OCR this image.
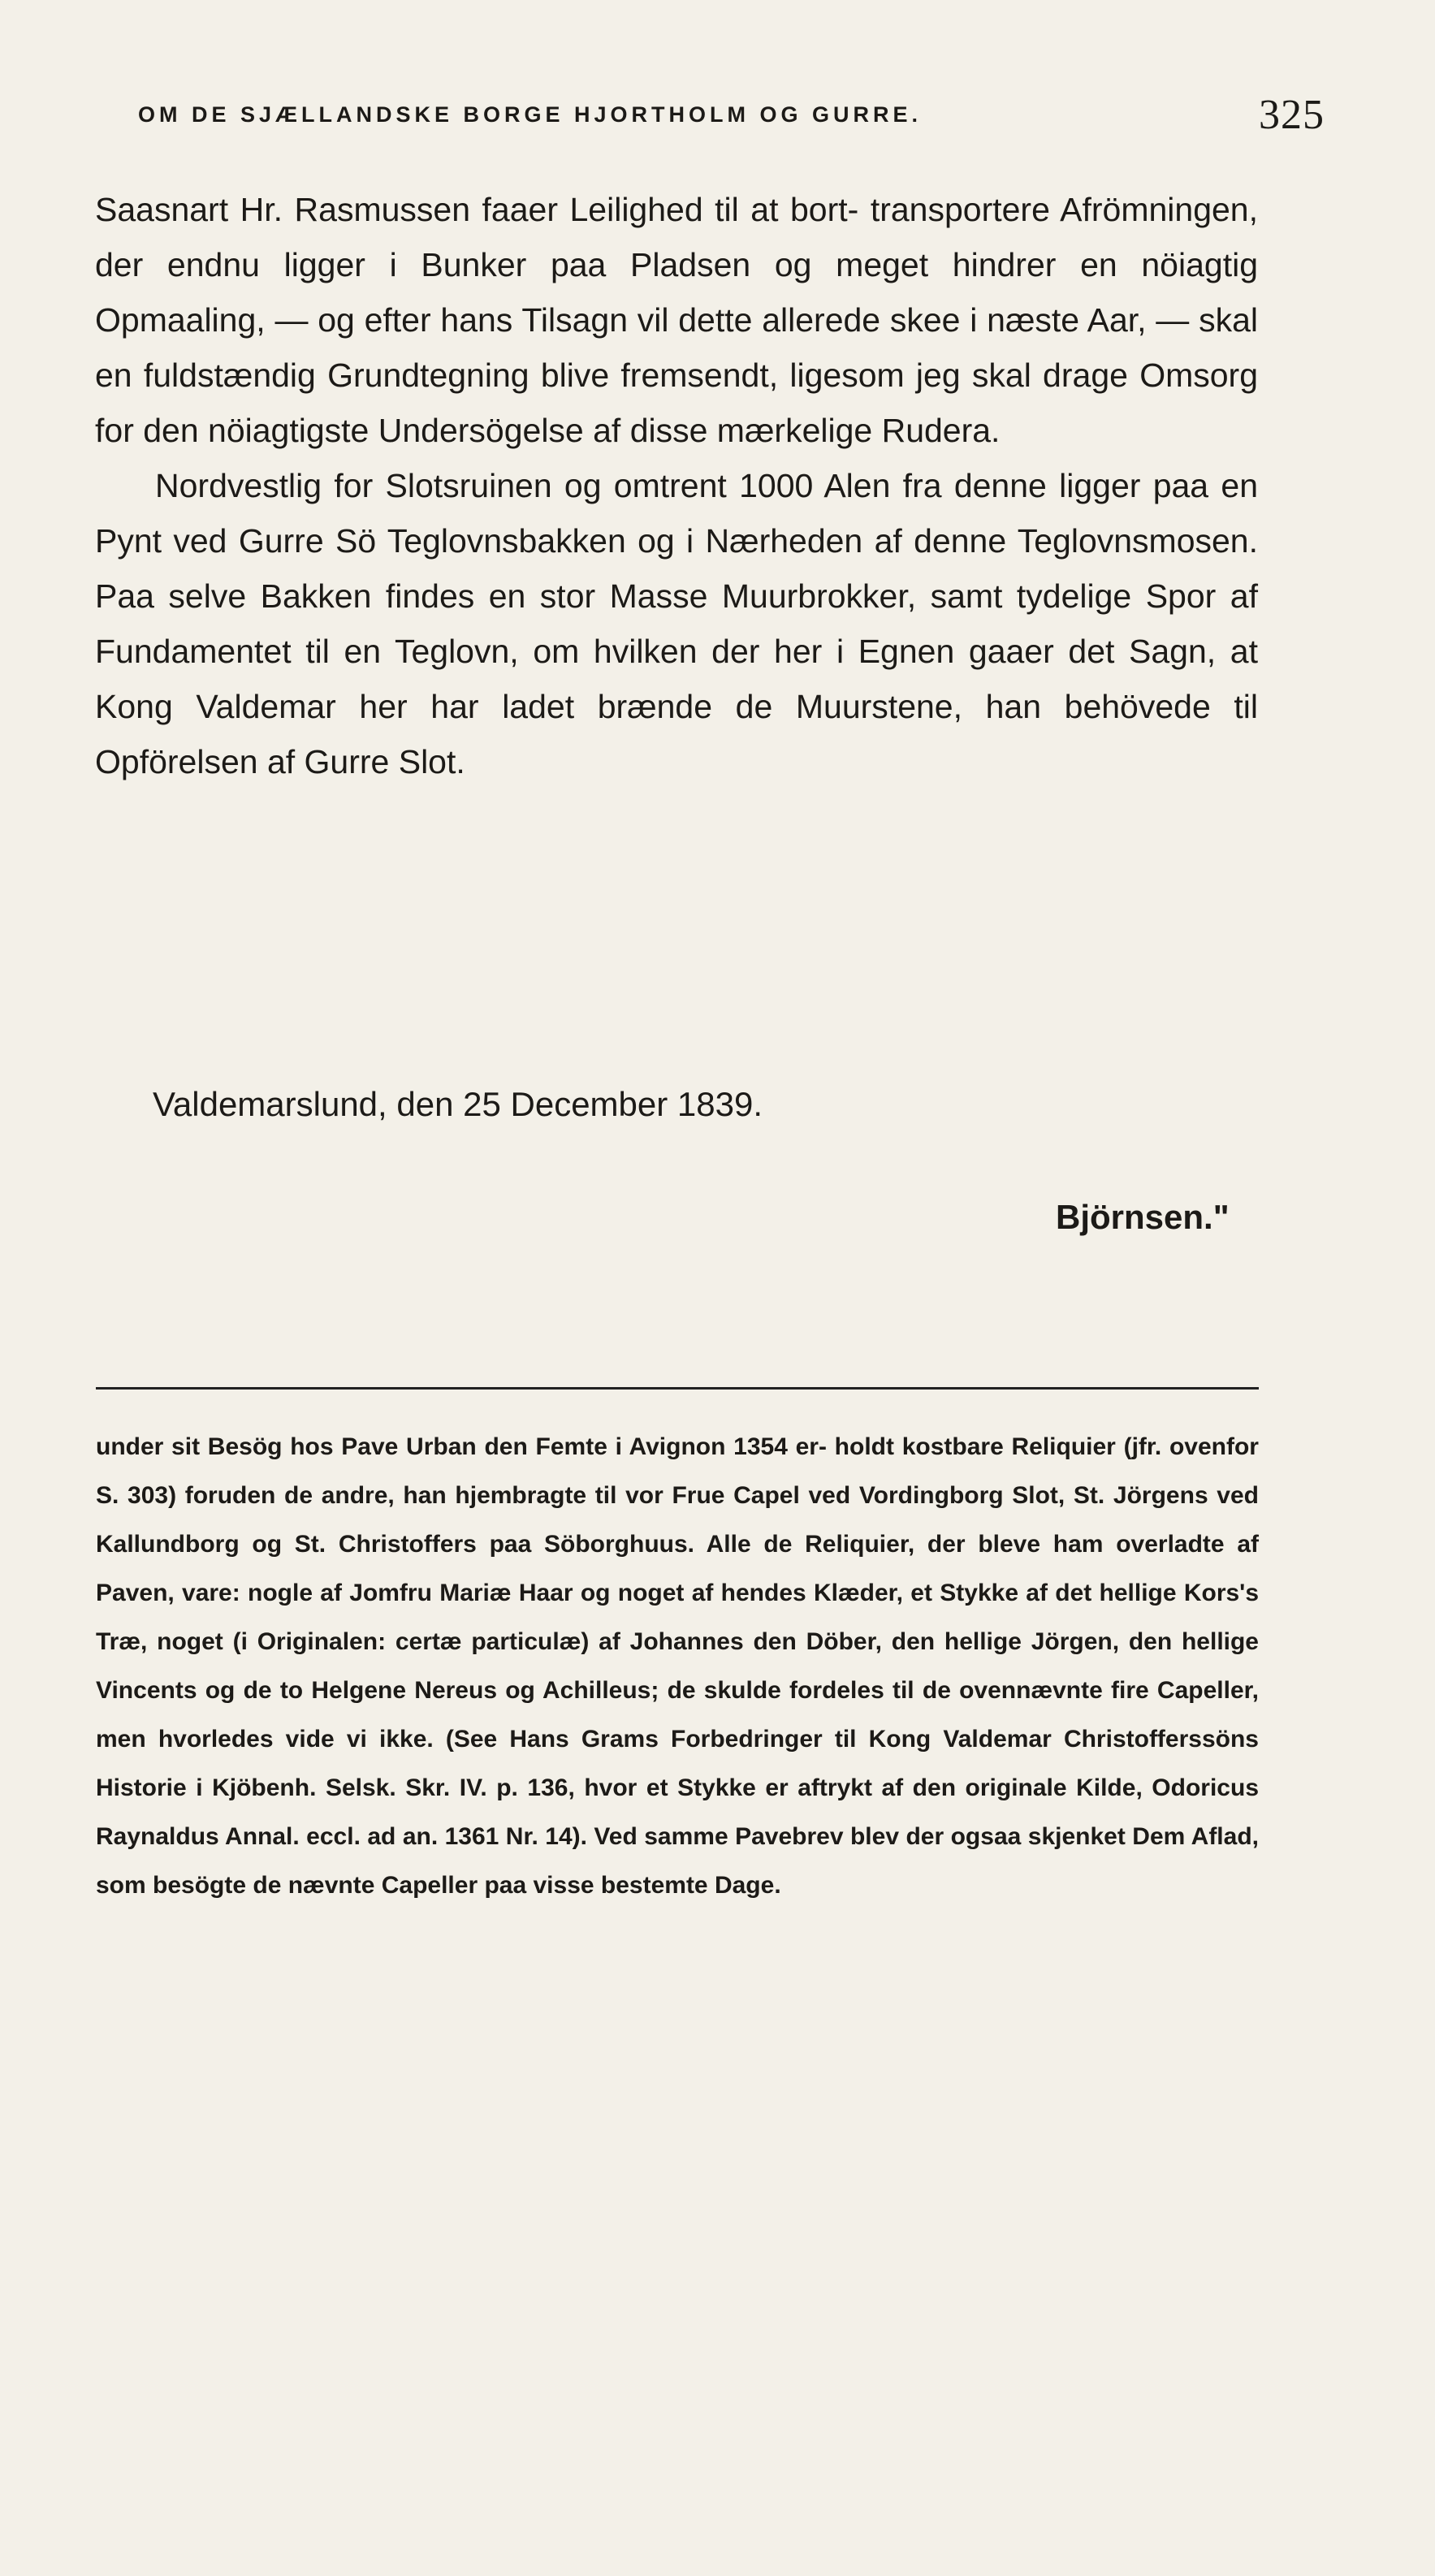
OM DE SJÆLLANDSKE BORGE HJORTHOLM OG GURRE.	325

Saasnart Hr. Rasmussen faaer Leilighed til at bort- transportere Afrömningen, der endnu ligger i Bunker paa Pladsen og meget hindrer en nöiagtig Opmaaling, — og efter hans Tilsagn vil dette allerede skee i næste Aar, — skal en fuldstændig Grundtegning blive fremsendt, ligesom jeg skal drage Omsorg for den nöiagtigste Undersögelse af disse mærkelige Rudera.

Nordvestlig for Slotsruinen og omtrent 1000 Alen fra denne ligger paa en Pynt ved Gurre Sö Teglovnsbakken og i Nærheden af denne Teglovnsmosen. Paa selve Bakken findes en stor Masse Muurbrokker, samt tydelige Spor af Fundamentet til en Teglovn, om hvilken der her i Egnen gaaer det Sagn, at Kong Valdemar her har ladet brænde de Muurstene, han behövede til Opförelsen af Gurre Slot.

Valdemarslund, den 25 December 1839.
Björnsen."
under sit Besög hos Pave Urban den Femte i Avignon 1354 er- holdt kostbare Reliquier (jfr. ovenfor S. 303) foruden de andre, han hjembragte til vor Frue Capel ved Vordingborg Slot, St. Jörgens ved Kallundborg og St. Christoffers paa Söborghuus. Alle de Reliquier, der bleve ham overladte af Paven, vare: nogle af Jomfru Mariæ Haar og noget af hendes Klæder, et Stykke af det hellige Kors's Træ, noget (i Originalen: certæ particulæ) af Johannes den Döber, den hellige Jörgen, den hellige Vincents og de to Helgene Nereus og Achilleus; de skulde fordeles til de ovennævnte fire Capeller, men hvorledes vide vi ikke. (See Hans Grams Forbedringer til Kong Valdemar Christofferssöns Historie i Kjöbenh. Selsk. Skr. IV. p. 136, hvor et Stykke er aftrykt af den originale Kilde, Odoricus Raynaldus Annal. eccl. ad an. 1361 Nr. 14). Ved samme Pavebrev blev der ogsaa skjenket Dem Aflad, som besögte de nævnte Capeller paa visse bestemte Dage.
